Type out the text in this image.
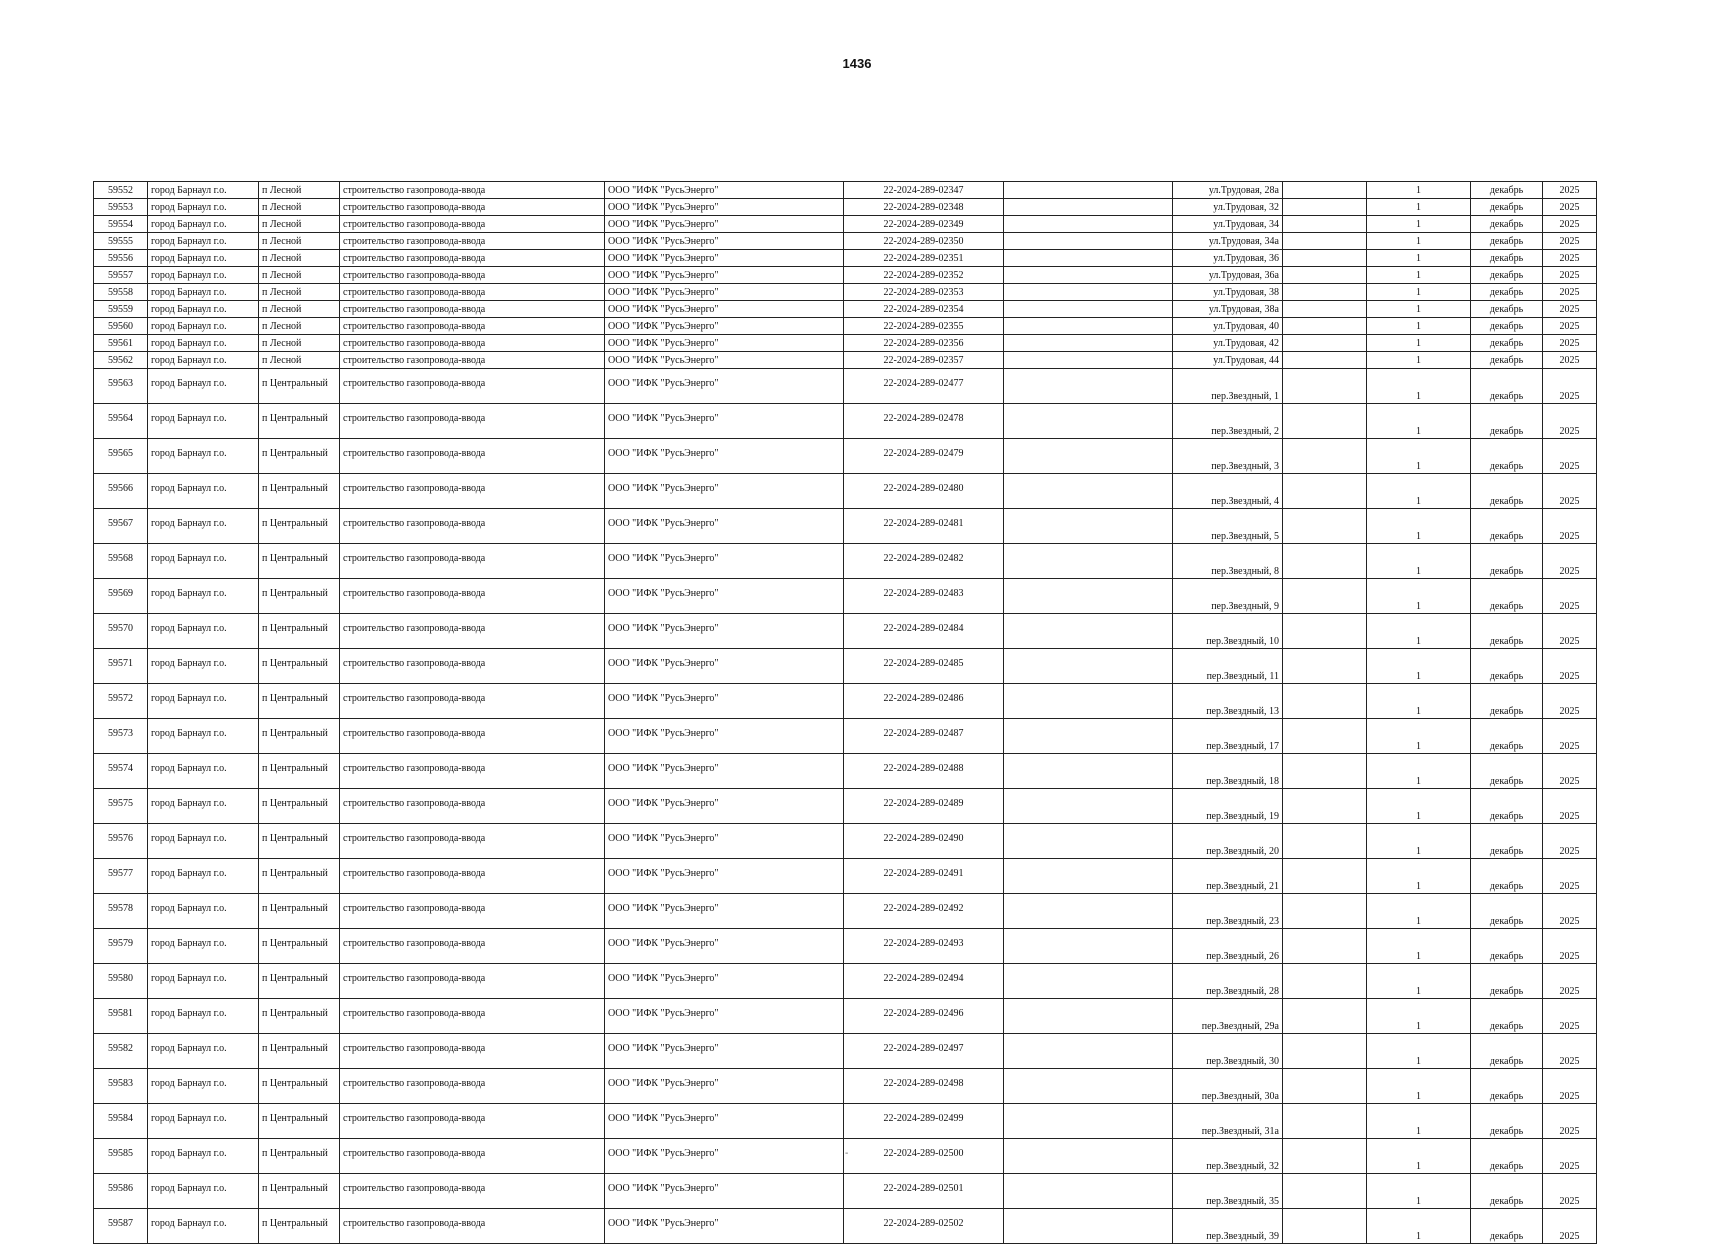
1436
59552	город Барнаул г.о.	п Лесной	строительство газопровода-ввода	ООО "ИФК "РусьЭнерго"	22-2024-289-02347		ул.Трудовая, 28а		1	декабрь	2025
59553	город Барнаул г.о.	п Лесной	строительство газопровода-ввода	ООО "ИФК "РусьЭнерго"	22-2024-289-02348		ул.Трудовая, 32		1	декабрь	2025
59554	город Барнаул г.о.	п Лесной	строительство газопровода-ввода	ООО "ИФК "РусьЭнерго"	22-2024-289-02349		ул.Трудовая, 34		1	декабрь	2025
59555	город Барнаул г.о.	п Лесной	строительство газопровода-ввода	ООО "ИФК "РусьЭнерго"	22-2024-289-02350		ул.Трудовая, 34а		1	декабрь	2025
59556	город Барнаул г.о.	п Лесной	строительство газопровода-ввода	ООО "ИФК "РусьЭнерго"	22-2024-289-02351		ул.Трудовая, 36		1	декабрь	2025
59557	город Барнаул г.о.	п Лесной	строительство газопровода-ввода	ООО "ИФК "РусьЭнерго"	22-2024-289-02352		ул.Трудовая, 36а		1	декабрь	2025
59558	город Барнаул г.о.	п Лесной	строительство газопровода-ввода	ООО "ИФК "РусьЭнерго"	22-2024-289-02353		ул.Трудовая, 38		1	декабрь	2025
59559	город Барнаул г.о.	п Лесной	строительство газопровода-ввода	ООО "ИФК "РусьЭнерго"	22-2024-289-02354		ул.Трудовая, 38а		1	декабрь	2025
59560	город Барнаул г.о.	п Лесной	строительство газопровода-ввода	ООО "ИФК "РусьЭнерго"	22-2024-289-02355		ул.Трудовая, 40		1	декабрь	2025
59561	город Барнаул г.о.	п Лесной	строительство газопровода-ввода	ООО "ИФК "РусьЭнерго"	22-2024-289-02356		ул.Трудовая, 42		1	декабрь	2025
59562	город Барнаул г.о.	п Лесной	строительство газопровода-ввода	ООО "ИФК "РусьЭнерго"	22-2024-289-02357		ул.Трудовая, 44		1	декабрь	2025
59563	город Барнаул г.о.	п Центральный	строительство газопровода-ввода	ООО "ИФК "РусьЭнерго"	22-2024-289-02477		пер.Звездный, 1		1	декабрь	2025
59564	город Барнаул г.о.	п Центральный	строительство газопровода-ввода	ООО "ИФК "РусьЭнерго"	22-2024-289-02478		пер.Звездный, 2		1	декабрь	2025
59565	город Барнаул г.о.	п Центральный	строительство газопровода-ввода	ООО "ИФК "РусьЭнерго"	22-2024-289-02479		пер.Звездный, 3		1	декабрь	2025
59566	город Барнаул г.о.	п Центральный	строительство газопровода-ввода	ООО "ИФК "РусьЭнерго"	22-2024-289-02480		пер.Звездный, 4		1	декабрь	2025
59567	город Барнаул г.о.	п Центральный	строительство газопровода-ввода	ООО "ИФК "РусьЭнерго"	22-2024-289-02481		пер.Звездный, 5		1	декабрь	2025
59568	город Барнаул г.о.	п Центральный	строительство газопровода-ввода	ООО "ИФК "РусьЭнерго"	22-2024-289-02482		пер.Звездный, 8		1	декабрь	2025
59569	город Барнаул г.о.	п Центральный	строительство газопровода-ввода	ООО "ИФК "РусьЭнерго"	22-2024-289-02483		пер.Звездный, 9		1	декабрь	2025
59570	город Барнаул г.о.	п Центральный	строительство газопровода-ввода	ООО "ИФК "РусьЭнерго"	22-2024-289-02484		пер.Звездный, 10		1	декабрь	2025
59571	город Барнаул г.о.	п Центральный	строительство газопровода-ввода	ООО "ИФК "РусьЭнерго"	22-2024-289-02485		пер.Звездный, 11		1	декабрь	2025
59572	город Барнаул г.о.	п Центральный	строительство газопровода-ввода	ООО "ИФК "РусьЭнерго"	22-2024-289-02486		пер.Звездный, 13		1	декабрь	2025
59573	город Барнаул г.о.	п Центральный	строительство газопровода-ввода	ООО "ИФК "РусьЭнерго"	22-2024-289-02487		пер.Звездный, 17		1	декабрь	2025
59574	город Барнаул г.о.	п Центральный	строительство газопровода-ввода	ООО "ИФК "РусьЭнерго"	22-2024-289-02488		пер.Звездный, 18		1	декабрь	2025
59575	город Барнаул г.о.	п Центральный	строительство газопровода-ввода	ООО "ИФК "РусьЭнерго"	22-2024-289-02489		пер.Звездный, 19		1	декабрь	2025
59576	город Барнаул г.о.	п Центральный	строительство газопровода-ввода	ООО "ИФК "РусьЭнерго"	22-2024-289-02490		пер.Звездный, 20		1	декабрь	2025
59577	город Барнаул г.о.	п Центральный	строительство газопровода-ввода	ООО "ИФК "РусьЭнерго"	22-2024-289-02491		пер.Звездный, 21		1	декабрь	2025
59578	город Барнаул г.о.	п Центральный	строительство газопровода-ввода	ООО "ИФК "РусьЭнерго"	22-2024-289-02492		пер.Звездный, 23		1	декабрь	2025
59579	город Барнаул г.о.	п Центральный	строительство газопровода-ввода	ООО "ИФК "РусьЭнерго"	22-2024-289-02493		пер.Звездный, 26		1	декабрь	2025
59580	город Барнаул г.о.	п Центральный	строительство газопровода-ввода	ООО "ИФК "РусьЭнерго"	22-2024-289-02494		пер.Звездный, 28		1	декабрь	2025
59581	город Барнаул г.о.	п Центральный	строительство газопровода-ввода	ООО "ИФК "РусьЭнерго"	22-2024-289-02496		пер.Звездный, 29а		1	декабрь	2025
59582	город Барнаул г.о.	п Центральный	строительство газопровода-ввода	ООО "ИФК "РусьЭнерго"	22-2024-289-02497		пер.Звездный, 30		1	декабрь	2025
59583	город Барнаул г.о.	п Центральный	строительство газопровода-ввода	ООО "ИФК "РусьЭнерго"	22-2024-289-02498		пер.Звездный, 30а		1	декабрь	2025
59584	город Барнаул г.о.	п Центральный	строительство газопровода-ввода	ООО "ИФК "РусьЭнерго"	22-2024-289-02499		пер.Звездный, 31а		1	декабрь	2025
59585	город Барнаул г.о.	п Центральный	строительство газопровода-ввода	ООО "ИФК "РусьЭнерго"	22-2024-289-02500		пер.Звездный, 32		1	декабрь	2025
59586	город Барнаул г.о.	п Центральный	строительство газопровода-ввода	ООО "ИФК "РусьЭнерго"	22-2024-289-02501		пер.Звездный, 35		1	декабрь	2025
59587	город Барнаул г.о.	п Центральный	строительство газопровода-ввода	ООО "ИФК "РусьЭнерго"	22-2024-289-02502		пер.Звездный, 39		1	декабрь	2025
-
